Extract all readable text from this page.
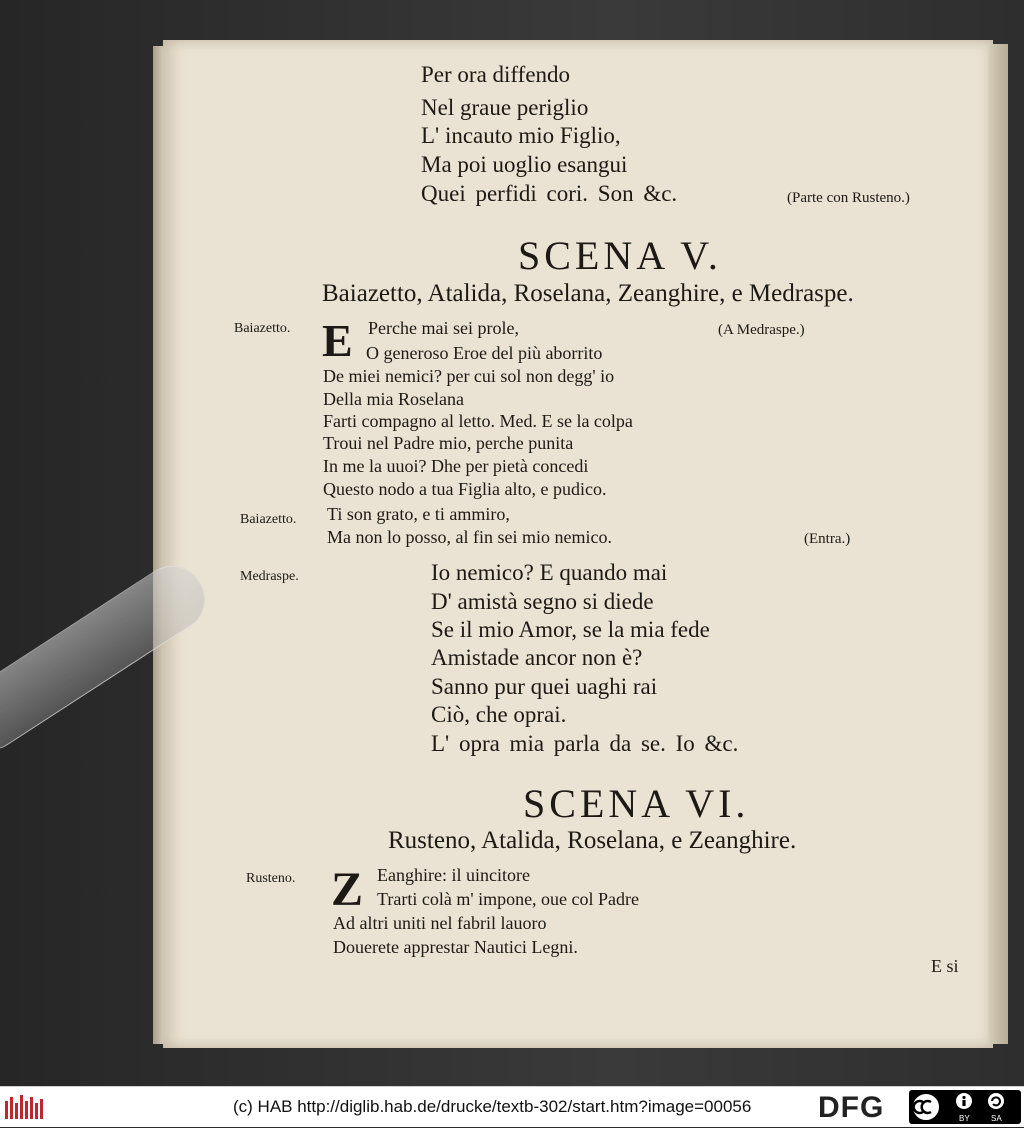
Per ora diffendo
Nel graue periglio
L' incauto mio Figlio,
Ma poi uoglio esangui
Quei perfidi cori. Son &c.	(Parte con Rusteno.)
SCENA V.
Baiazetto, Atalida, Roselana, Zeanghire, e Medraspe.
Baiazetto. E Perche mai sei prole,	(A Medraspe.)
O generoso Eroe del più aborrito
De miei nemici? per cui sol non degg' io
Della mia Roselana
Farti compagno al letto. Med. E se la colpa
Troui nel Padre mio, perche punita
In me la uuoi? Dhe per pietà concedi
Questo nodo a tua Figlia alto, e pudico.
Baiazetto. Ti son grato, e ti ammiro,
Ma non lo posso, al fin sei mio nemico.	(Entra.)
Medraspe.	Io nemico? E quando mai
D' amistà segno si diede
Se il mio Amor, se la mia fede
Amistade ancor non è?
Sanno pur quei uaghi rai
Ciò, che oprai.
L' opra mia parla da se. Io &c.
SCENA VI.
Rusteno, Atalida, Roselana, e Zeanghire.
Rusteno. Z Eanghire: il uincitore
Trarti colà m' impone, oue col Padre
Ad altri uniti nel fabril lauoro
Douerete apprestar Nautici Legni.
E si
(c) HAB http://diglib.hab.de/drucke/textb-302/start.htm?image=00056 DFG	BY	SA
